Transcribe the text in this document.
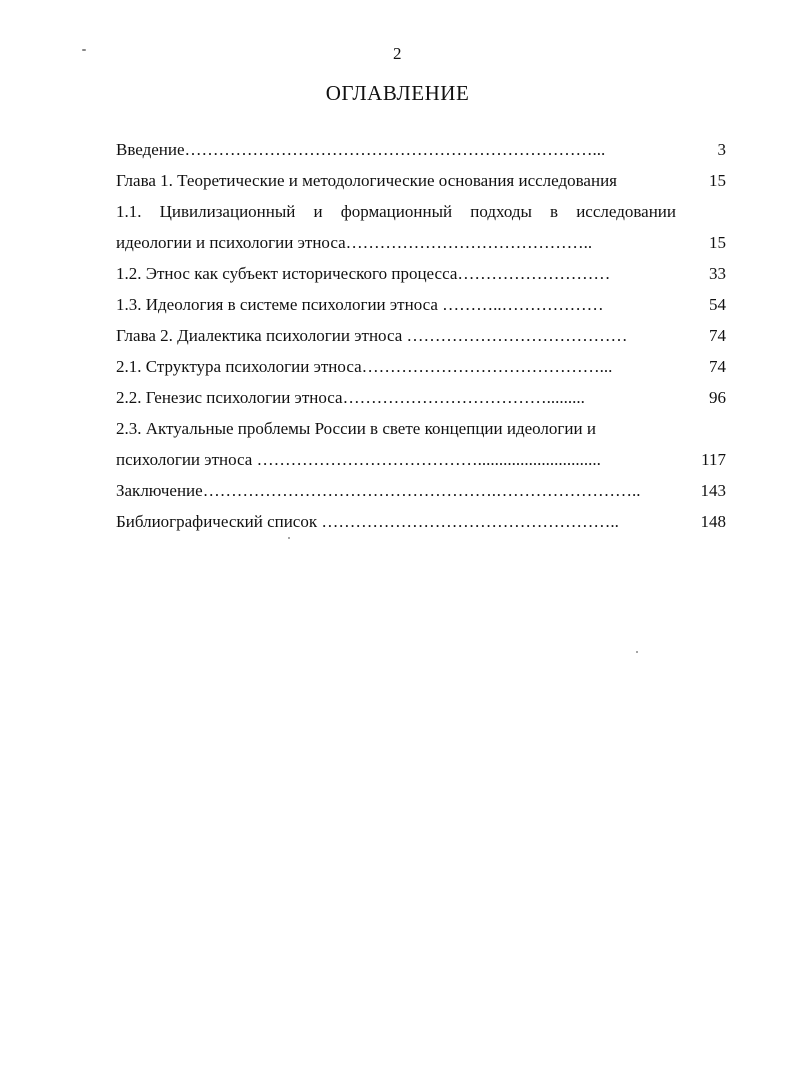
2
ОГЛАВЛЕНИЕ
Введение………………………………………………………………...	3
Глава 1. Теоретические и методологические основания исследования	15
1.1. Цивилизационный и формационный подходы в исследовании
идеологии и психологии этноса……………………………………..	15
1.2. Этнос как субъект исторического процесса………………………	33
1.3. Идеология в системе психологии этноса ………..………………	54
Глава 2. Диалектика психологии этноса …………………………………	74
2.1. Структура психологии этноса……………………………………...	74
2.2. Генезис психологии этноса……………………………….........	96
2.3. Актуальные проблемы России в свете концепции идеологии и
психологии этноса ………………………………….............................	117
Заключение…………………………………………….……………………..	143
Библиографический список ……………………………………………..	148
